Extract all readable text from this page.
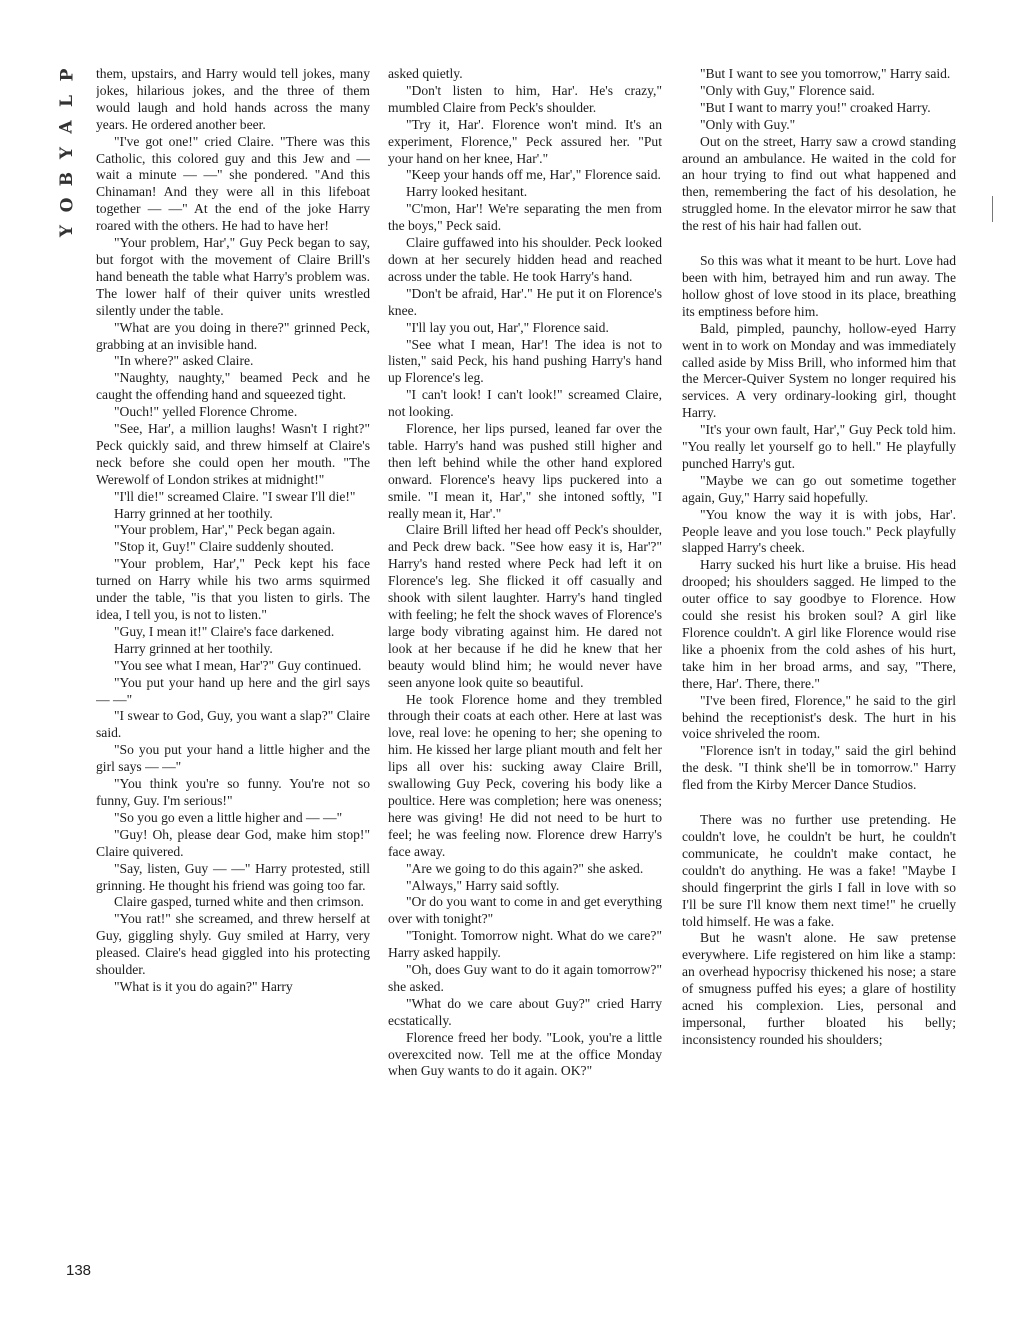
P
L
A
Y
B
O
Y

them, upstairs, and Harry would tell jokes, many jokes, hilarious jokes, and the three of them would laugh and hold hands across the many years. He ordered another beer.

"I've got one!" cried Claire. "There was this Catholic, this colored guy and this Jew and — wait a minute — —" she pondered. "And this Chinaman! And they were all in this lifeboat together — —" At the end of the joke Harry roared with the others. He had to have her!

"Your problem, Har'," Guy Peck began to say, but forgot with the movement of Claire Brill's hand beneath the table what Harry's problem was. The lower half of their quiver units wrestled silently under the table.

"What are you doing in there?" grinned Peck, grabbing at an invisible hand.

"In where?" asked Claire.

"Naughty, naughty," beamed Peck and he caught the offending hand and squeezed tight.

"Ouch!" yelled Florence Chrome.

"See, Har', a million laughs! Wasn't I right?" Peck quickly said, and threw himself at Claire's neck before she could open her mouth. "The Werewolf of London strikes at midnight!"

"I'll die!" screamed Claire. "I swear I'll die!"

Harry grinned at her toothily.

"Your problem, Har'," Peck began again.

"Stop it, Guy!" Claire suddenly shouted.

"Your problem, Har'," Peck kept his face turned on Harry while his two arms squirmed under the table, "is that you listen to girls. The idea, I tell you, is not to listen."

"Guy, I mean it!" Claire's face darkened.

Harry grinned at her toothily.

"You see what I mean, Har'?" Guy continued.

"You put your hand up here and the girl says — —"

"I swear to God, Guy, you want a slap?" Claire said.

"So you put your hand a little higher and the girl says — —"

"You think you're so funny. You're not so funny, Guy. I'm serious!"

"So you go even a little higher and — —"

"Guy! Oh, please dear God, make him stop!" Claire quivered.

"Say, listen, Guy — —" Harry protested, still grinning. He thought his friend was going too far.

Claire gasped, turned white and then crimson.

"You rat!" she screamed, and threw herself at Guy, giggling shyly. Guy smiled at Harry, very pleased. Claire's head giggled into his protecting shoulder.

"What is it you do again?" Harry

asked quietly.

"Don't listen to him, Har'. He's crazy," mumbled Claire from Peck's shoulder.

"Try it, Har'. Florence won't mind. It's an experiment, Florence," Peck assured her. "Put your hand on her knee, Har'."

"Keep your hands off me, Har'," Florence said.

Harry looked hesitant.

"C'mon, Har'! We're separating the men from the boys," Peck said.

Claire guffawed into his shoulder. Peck looked down at her securely hidden head and reached across under the table. He took Harry's hand.

"Don't be afraid, Har'." He put it on Florence's knee.

"I'll lay you out, Har'," Florence said.

"See what I mean, Har'! The idea is not to listen," said Peck, his hand pushing Harry's hand up Florence's leg.

"I can't look! I can't look!" screamed Claire, not looking.

Florence, her lips pursed, leaned far over the table. Harry's hand was pushed still higher and then left behind while the other hand explored onward. Florence's heavy lips puckered into a smile. "I mean it, Har'," she intoned softly, "I really mean it, Har'."

Claire Brill lifted her head off Peck's shoulder, and Peck drew back. "See how easy it is, Har'?" Harry's hand rested where Peck had left it on Florence's leg. She flicked it off casually and shook with silent laughter. Harry's hand tingled with feeling; he felt the shock waves of Florence's large body vibrating against him. He dared not look at her because if he did he knew that her beauty would blind him; he would never have seen anyone look quite so beautiful.

He took Florence home and they trembled through their coats at each other. Here at last was love, real love: he opening to her; she opening to him. He kissed her large pliant mouth and felt her lips all over his: sucking away Claire Brill, swallowing Guy Peck, covering his body like a poultice. Here was completion; here was oneness; here was giving! He did not need to be hurt to feel; he was feeling now. Florence drew Harry's face away.

"Are we going to do this again?" she asked.

"Always," Harry said softly.

"Or do you want to come in and get everything over with tonight?"

"Tonight. Tomorrow night. What do we care?" Harry asked happily.

"Oh, does Guy want to do it again tomorrow?" she asked.

"What do we care about Guy?" cried Harry ecstatically.

Florence freed her body. "Look, you're a little overexcited now. Tell me at the office Monday when Guy wants to do it again. OK?"

"But I want to see you tomorrow," Harry said.

"Only with Guy," Florence said.

"But I want to marry you!" croaked Harry.

"Only with Guy."

Out on the street, Harry saw a crowd standing around an ambulance. He waited in the cold for an hour trying to find out what happened and then, remembering the fact of his desolation, he struggled home. In the elevator mirror he saw that the rest of his hair had fallen out.

So this was what it meant to be hurt. Love had been with him, betrayed him and run away. The hollow ghost of love stood in its place, breathing its emptiness before him.

Bald, pimpled, paunchy, hollow-eyed Harry went in to work on Monday and was immediately called aside by Miss Brill, who informed him that the Mercer-Quiver System no longer required his services. A very ordinary-looking girl, thought Harry.

"It's your own fault, Har'," Guy Peck told him. "You really let yourself go to hell." He playfully punched Harry's gut.

"Maybe we can go out sometime together again, Guy," Harry said hopefully.

"You know the way it is with jobs, Har'. People leave and you lose touch." Peck playfully slapped Harry's cheek.

Harry sucked his hurt like a bruise. His head drooped; his shoulders sagged. He limped to the outer office to say goodbye to Florence. How could she resist his broken soul? A girl like Florence couldn't. A girl like Florence would rise like a phoenix from the cold ashes of his hurt, take him in her broad arms, and say, "There, there, Har'. There, there."

"I've been fired, Florence," he said to the girl behind the receptionist's desk. The hurt in his voice shriveled the room.

"Florence isn't in today," said the girl behind the desk. "I think she'll be in tomorrow." Harry fled from the Kirby Mercer Dance Studios.

There was no further use pretending. He couldn't love, he couldn't be hurt, he couldn't communicate, he couldn't make contact, he couldn't do anything. He was a fake! "Maybe I should fingerprint the girls I fall in love with so I'll be sure I'll know them next time!" he cruelly told himself. He was a fake.

But he wasn't alone. He saw pretense everywhere. Life registered on him like a stamp: an overhead hypocrisy thickened his nose; a stare of smugness puffed his eyes; a glare of hostility acned his complexion. Lies, personal and impersonal, further bloated his belly; inconsistency rounded his shoulders;

138
